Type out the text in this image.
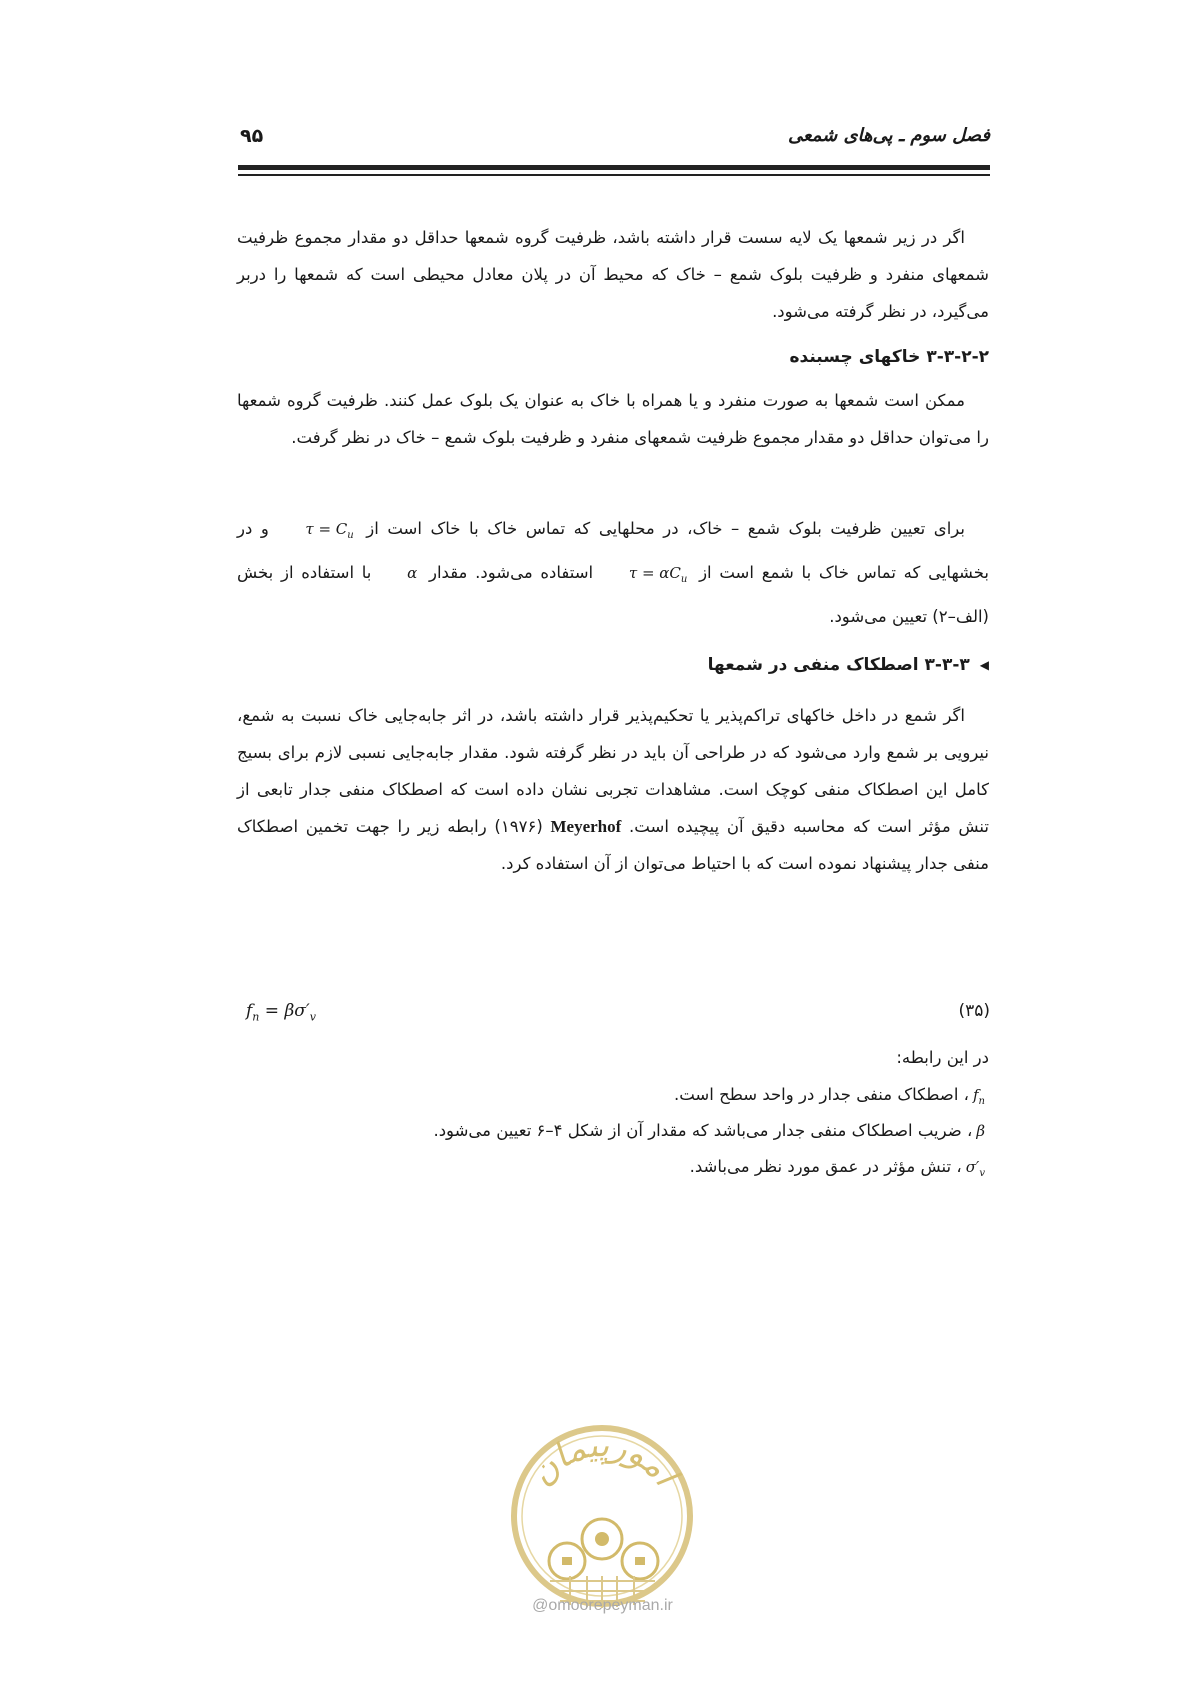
فصل سوم ـ پی‌های شمعی
۹۵

اگر در زیر شمعها یک لایه سست قرار داشته باشد، ظرفیت گروه شمعها حداقل دو مقدار مجموع ظرفیت شمعهای منفرد و ظرفیت بلوک شمع – خاک که محیط آن در پلان معادل محیطی است که شمعها را دربر می‌گیرد، در نظر گرفته می‌شود.

۳-۳-۲-۲ خاکهای چسبنده

ممکن است شمعها به صورت منفرد و یا همراه با خاک به عنوان یک بلوک عمل کنند. ظرفیت گروه شمعها را می‌توان حداقل دو مقدار مجموع ظرفیت شمعهای منفرد و ظرفیت بلوک شمع – خاک در نظر گرفت.

برای تعیین ظرفیت بلوک شمع – خاک، در محلهایی که تماس خاک با خاک است از $\tau = C_u$ و در بخشهایی که تماس خاک با شمع است از $\tau = \alpha C_u$ استفاده می‌شود. مقدار α با استفاده از بخش (الف–۲) تعیین می‌شود.

◀۳-۳-۳ اصطکاک منفی در شمعها

اگر شمع در داخل خاکهای تراکم‌پذیر یا تحکیم‌پذیر قرار داشته باشد، در اثر جابه‌جایی خاک نسبت به شمع، نیرویی بر شمع وارد می‌شود که در طراحی آن باید در نظر گرفته شود. مقدار جابه‌جایی نسبی لازم برای بسیج کامل این اصطکاک منفی کوچک است. مشاهدات تجربی نشان داده است که اصطکاک منفی جدار تابعی از تنش مؤثر است که محاسبه دقیق آن پیچیده است. Meyerhof (۱۹۷۶) رابطه زیر را جهت تخمین اصطکاک منفی جدار پیشنهاد نموده است که با احتیاط می‌توان از آن استفاده کرد.

$f_n = \beta\sigma'_v$	(۳۵)
در این رابطه:
$f_n،$ اصطکاک منفی جدار در واحد سطح است.
β، ضریب اصطکاک منفی جدار می‌باشد که مقدار آن از شکل ۴–۶ تعیین می‌شود.
$\sigma'_v،$ تنش مؤثر در عمق مورد نظر می‌باشد.
امورپیمان
@omoorepeyman.ir
